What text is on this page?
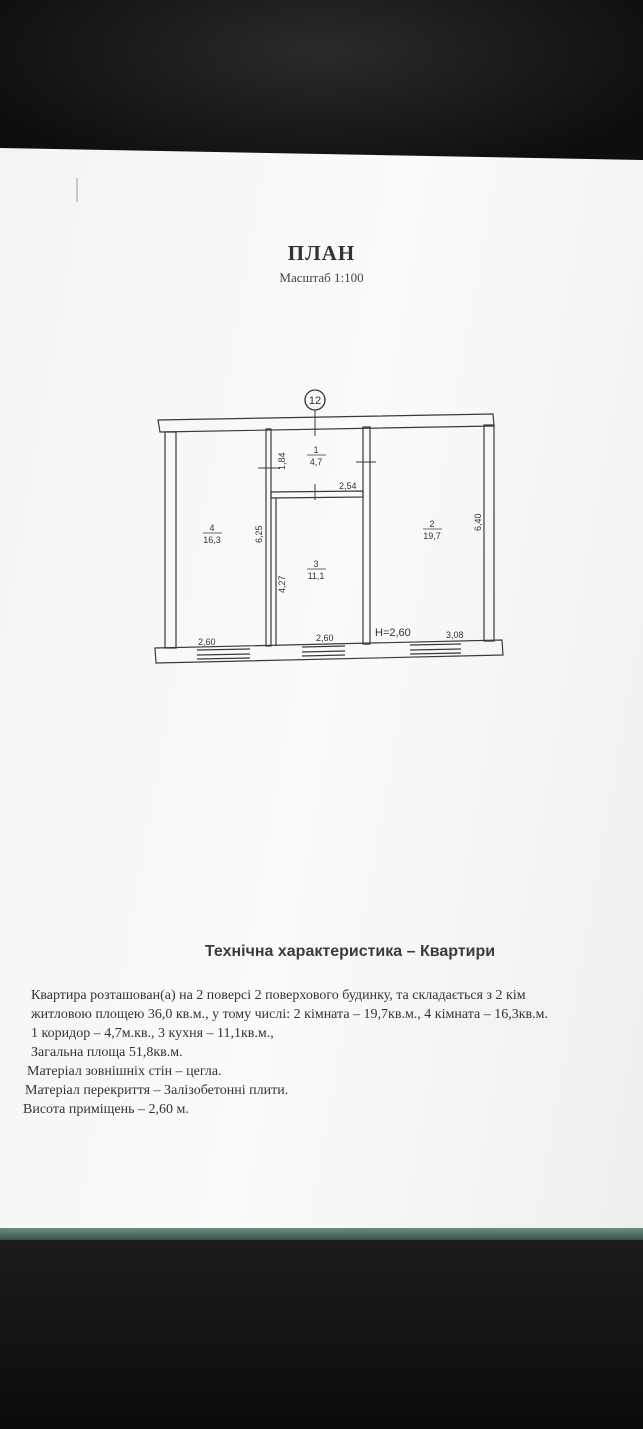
ПЛАН
Масштаб 1:100
12
4
16,3
1
4,7
2
19,7
3
11,1
1,84
2,54
6,25
4,27
6,40
2,60	2,60	H=2,60	3,08
Технічна характеристика – Квартири
Квартира розташован(а) на 2 поверсі 2 поверхового будинку, та складається з 2 кім
житловою площею 36,0 кв.м., у тому числі: 2 кімната – 19,7кв.м., 4 кімната – 16,3кв.м.
1 коридор – 4,7м.кв., 3 кухня – 11,1кв.м.,
Загальна площа 51,8кв.м.
Матеріал зовнішніх стін – цегла.
Матеріал перекриття – Залізобетонні плити.
Висота приміщень – 2,60 м.
